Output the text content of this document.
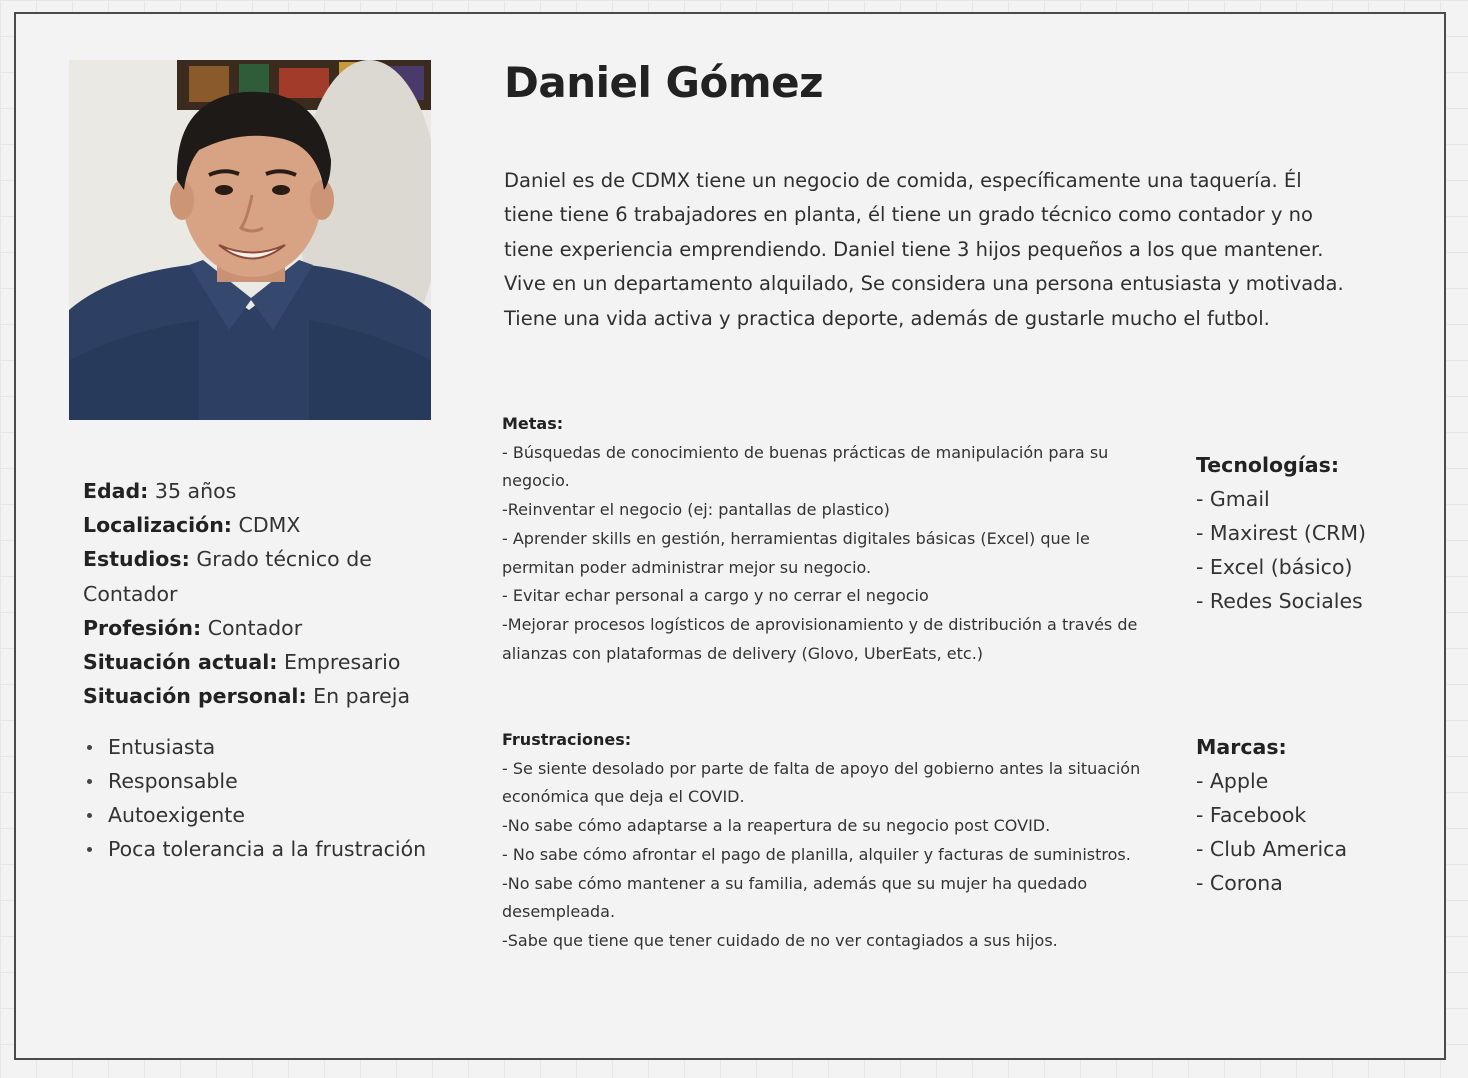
Daniel Gómez

Daniel es de CDMX tiene un negocio de comida, específicamente una taquería. Él tiene tiene 6 trabajadores en planta, él tiene un grado técnico como contador y no tiene experiencia emprendiendo. Daniel tiene 3 hijos pequeños a los que mantener. Vive en un departamento alquilado, Se considera una persona entusiasta y motivada. Tiene una vida activa y practica deporte, además de gustarle mucho el futbol.

Edad: 35 años

Localización: CDMX

Estudios: Grado técnico de Contador

Profesión: Contador

Situación actual: Empresario

Situación personal: En pareja

Entusiasta
Responsable
Autoexigente
Poca tolerancia a la frustración

Metas:

- Búsquedas de conocimiento de buenas prácticas de manipulación para su negocio.

-Reinventar el negocio (ej: pantallas de plastico)

- Aprender skills en gestión, herramientas digitales básicas (Excel) que le permitan poder administrar mejor su negocio.

- Evitar echar personal a cargo y no cerrar el negocio

-Mejorar procesos logísticos de aprovisionamiento y de distribución a través de alianzas con plataformas de delivery (Glovo, UberEats, etc.)

Frustraciones:

- Se siente desolado por parte de falta de apoyo del gobierno antes la situación económica que deja el COVID.

-No sabe cómo adaptarse a la reapertura de su negocio post COVID.

- No sabe cómo afrontar el pago de planilla, alquiler y facturas de suministros.

-No sabe cómo mantener a su familia, además que su mujer ha quedado desempleada.

-Sabe que tiene que tener cuidado de no ver contagiados a sus hijos.

Tecnologías:

- Gmail

- Maxirest (CRM)

- Excel (básico)

- Redes Sociales

Marcas:

- Apple

- Facebook

- Club America

- Corona
